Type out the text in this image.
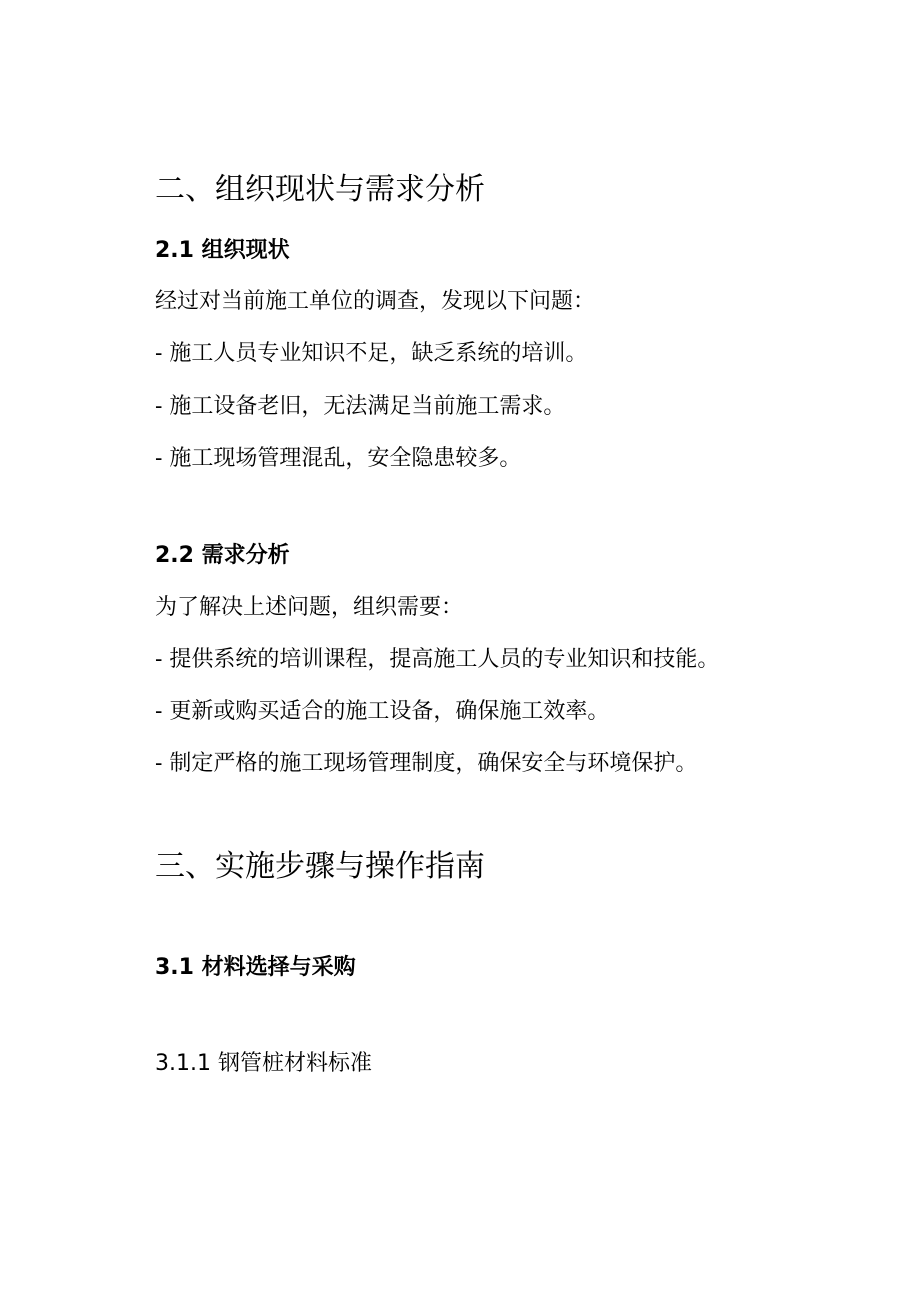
二、组织现状与需求分析
2.1 组织现状
经过对当前施工单位的调查，发现以下问题：
- 施工人员专业知识不足，缺乏系统的培训。
- 施工设备老旧，无法满足当前施工需求。
- 施工现场管理混乱，安全隐患较多。
2.2 需求分析
为了解决上述问题，组织需要：
- 提供系统的培训课程，提高施工人员的专业知识和技能。
- 更新或购买适合的施工设备，确保施工效率。
- 制定严格的施工现场管理制度，确保安全与环境保护。
三、实施步骤与操作指南
3.1 材料选择与采购
3.1.1 钢管桩材料标准
